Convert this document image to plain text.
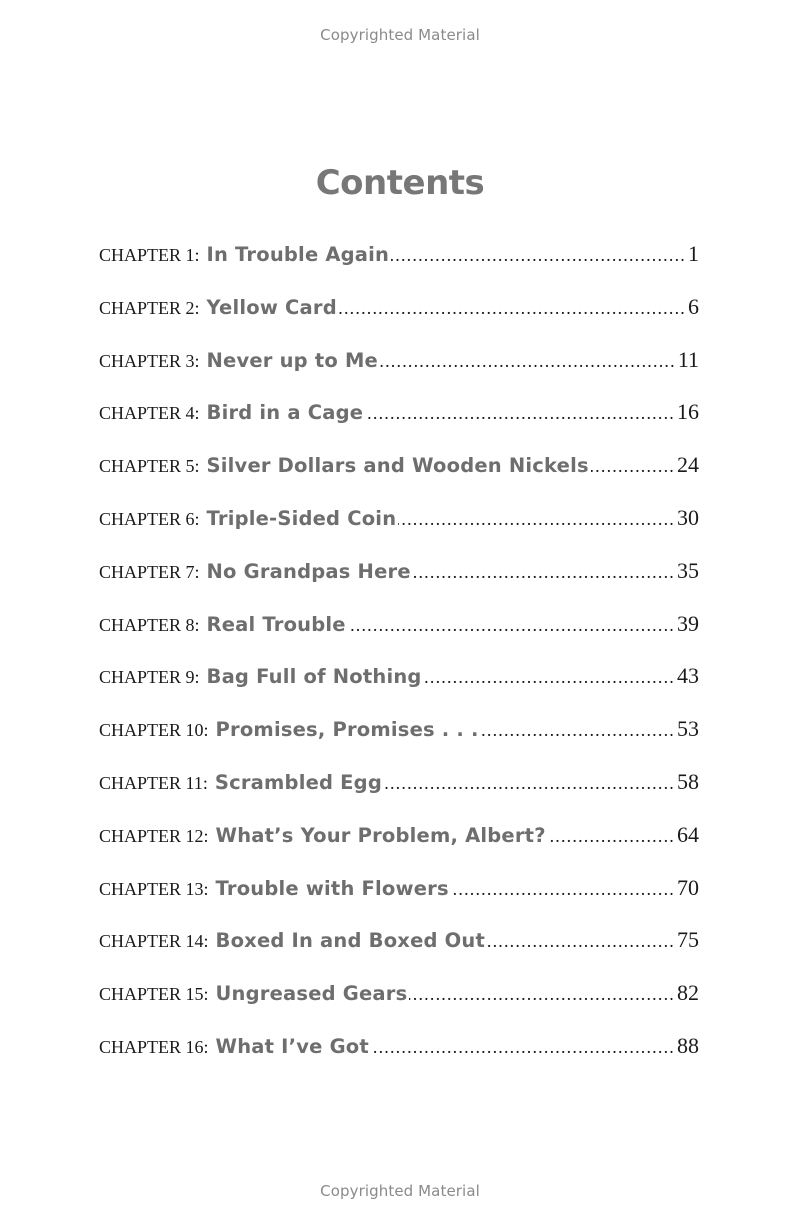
Copyrighted Material
Contents
CHAPTER 1: In Trouble Again .....	1
CHAPTER 2: Yellow Card .....	6
CHAPTER 3: Never up to Me .....	11
CHAPTER 4: Bird in a Cage .....	16
CHAPTER 5: Silver Dollars and Wooden Nickels .....	24
CHAPTER 6: Triple-Sided Coin .....	30
CHAPTER 7: No Grandpas Here .....	35
CHAPTER 8: Real Trouble .....	39
CHAPTER 9: Bag Full of Nothing .....	43
CHAPTER 10: Promises, Promises . . . .....	53
CHAPTER 11: Scrambled Egg .....	58
CHAPTER 12: What’s Your Problem, Albert? .....	64
CHAPTER 13: Trouble with Flowers .....	70
CHAPTER 14: Boxed In and Boxed Out .....	75
CHAPTER 15: Ungreased Gears .....	82
CHAPTER 16: What I’ve Got .....	88
Copyrighted Material
